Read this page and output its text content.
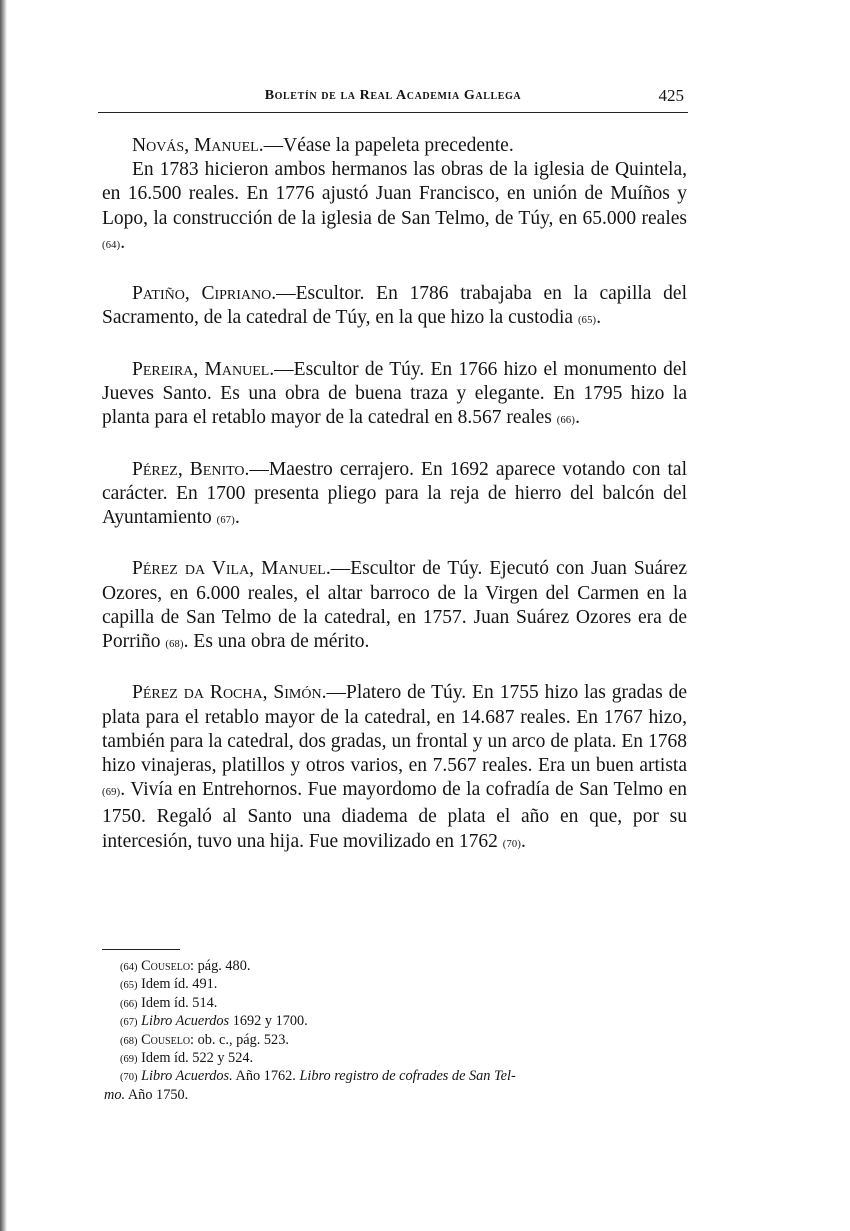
Boletín de la Real Academia Gallega	425

Novás, Manuel.—Véase la papeleta precedente.

En 1783 hicieron ambos hermanos las obras de la iglesia de Quintela, en 16.500 reales. En 1776 ajustó Juan Francisco, en unión de Muíños y Lopo, la construcción de la iglesia de San Telmo, de Túy, en 65.000 reales (64).

Patiño, Cipriano.—Escultor. En 1786 trabajaba en la capilla del Sacramento, de la catedral de Túy, en la que hizo la custodia (65).

Pereira, Manuel.—Escultor de Túy. En 1766 hizo el monumento del Jueves Santo. Es una obra de buena traza y elegante. En 1795 hizo la planta para el retablo mayor de la catedral en 8.567 reales (66).

Pérez, Benito.—Maestro cerrajero. En 1692 aparece votando con tal carácter. En 1700 presenta pliego para la reja de hierro del balcón del Ayuntamiento (67).

Pérez da Vila, Manuel.—Escultor de Túy. Ejecutó con Juan Suárez Ozores, en 6.000 reales, el altar barroco de la Virgen del Carmen en la capilla de San Telmo de la catedral, en 1757. Juan Suárez Ozores era de Porriño (68). Es una obra de mérito.

Pérez da Rocha, Simón.—Platero de Túy. En 1755 hizo las gradas de plata para el retablo mayor de la catedral, en 14.687 reales. En 1767 hizo, también para la catedral, dos gradas, un frontal y un arco de plata. En 1768 hizo vinajeras, platillos y otros varios, en 7.567 reales. Era un buen artista (69). Vivía en Entrehornos. Fue mayordomo de la cofradía de San Telmo en 1750. Regaló al Santo una diadema de plata el año en que, por su intercesión, tuvo una hija. Fue movilizado en 1762 (70).

(64) Couselo: pág. 480.

(65) Idem íd. 491.

(66) Idem íd. 514.

(67) Libro Acuerdos 1692 y 1700.

(68) Couselo: ob. c., pág. 523.

(69) Idem íd. 522 y 524.

(70) Libro Acuerdos. Año 1762. Libro registro de cofrades de San Tel-

mo. Año 1750.
